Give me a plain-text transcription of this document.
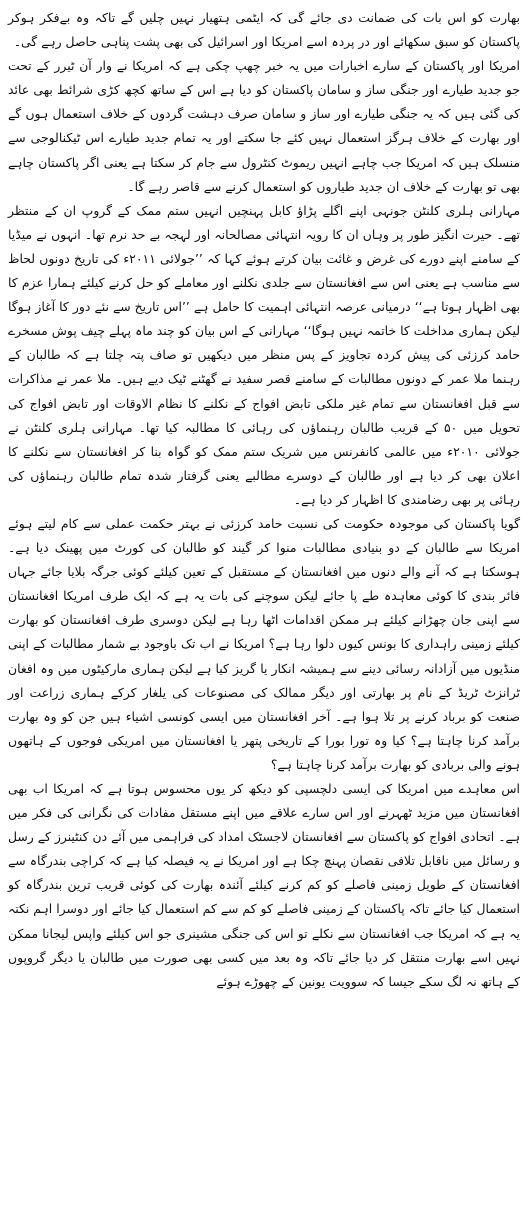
بھارت کو اس بات کی ضمانت دی جائے گی کہ ایٹمی ہتھیار نہیں چلیں گے تاکہ وہ بےفکر ہوکر پاکستان کو سبق سکھائے اور در پردہ اسے امریکا اور اسرائیل کی بھی پشت پناہی حاصل رہے گی۔

امریکا اور پاکستان کے سارے اخبارات میں یہ خبر چھپ چکی ہے کہ امریکا نے وار آن ٹیرر کے تحت جو جدید طیارے اور جنگی ساز و سامان پاکستان کو دیا ہے اس کے ساتھ کچھ کڑی شرائط بھی عائد کی گئی ہیں کہ یہ جنگی طیارے اور ساز و سامان صرف دہشت گردوں کے خلاف استعمال ہوں گے اور بھارت کے خلاف ہرگز استعمال نہیں کئے جا سکتے اور یہ تمام جدید طیارے اس ٹیکنالوجی سے منسلک ہیں کہ امریکا جب چاہے انہیں ریموٹ کنٹرول سے جام کر سکتا ہے یعنی اگر پاکستان چاہے بھی تو بھارت کے خلاف ان جدید طیاروں کو استعمال کرنے سے قاصر رہے گا۔

مہارانی ہلری کلنٹن جونہی اپنے اگلے پڑاؤ کابل پہنچیں انہیں ستم ممک کے گروپ ان کے منتظر تھے۔ حیرت انگیز طور پر وہاں ان کا رویہ انتہائی مصالحانہ اور لہجہ بے حد نرم تھا۔ انہوں نے میڈیا کے سامنے اپنے دورے کی غرض و غائت بیان کرتے ہوئے کہا کہ ’’جولائی ۲۰۱۱ء کی تاریخ دونوں لحاظ سے مناسب ہے یعنی اس سے افغانستان سے جلدی نکلنے اور معاملے کو حل کرنے کیلئے ہمارا عزم کا بھی اظہار ہوتا ہے‘‘ درمیانی عرصہ انتہائی اہمیت کا حامل ہے ’’اس تاریخ سے نئے دور کا آغاز ہوگا لیکن ہماری مداخلت کا خاتمہ نہیں ہوگا‘‘ مہارانی کے اس بیان کو چند ماہ پہلے چیف پوش مسخرے حامد کرزئی کی پیش کردہ تجاویز کے پس منظر میں دیکھیں تو صاف پتہ چلتا ہے کہ طالبان کے رہنما ملا عمر کے دونوں مطالبات کے سامنے قصر سفید نے گھٹنے ٹیک دیے ہیں۔ ملا عمر نے مذاکرات سے قبل افغانستان سے تمام غیر ملکی تابض افواج کے نکلنے کا نظام الاوقات اور تابض افواج کی تحویل میں ۵۰ کے قریب طالبان رہنماؤں کی رہائی کا مطالبہ کیا تھا۔ مہارانی ہلری کلنٹن نے جولائی ۲۰۱۰ء میں عالمی کانفرنس میں شریک ستم ممک کو گواہ بنا کر افغانستان سے نکلنے کا اعلان بھی کر دیا ہے اور طالبان کے دوسرے مطالبے یعنی گرفتار شدہ تمام طالبان رہنماؤں کی رہائی پر بھی رضامندی کا اظہار کر دیا ہے۔

گویا پاکستان کی موجودہ حکومت کی نسبت حامد کرزئی نے بہتر حکمت عملی سے کام لیتے ہوئے امریکا سے طالبان کے دو بنیادی مطالبات منوا کر گیند کو طالبان کی کورٹ میں پھینک دیا ہے۔ ہوسکتا ہے کہ آنے والے دنوں میں افغانستان کے مستقبل کے تعین کیلئے کوئی جرگہ بلایا جائے جہاں فائر بندی کا کوئی معاہدہ طے پا جائے لیکن سوچنے کی بات یہ ہے کہ ایک طرف امریکا افغانستان سے اپنی جان چھڑانے کیلئے ہر ممکن اقدامات اٹھا رہا ہے لیکن دوسری طرف افغانستان کو بھارت کیلئے زمینی راہداری کا بونس کیوں دلوا رہا ہے؟ امریکا نے اب تک باوجود بے شمار مطالبات کے اپنی منڈیوں میں آزادانہ رسائی دینے سے ہمیشہ انکار یا گریز کیا ہے لیکن ہماری مارکیٹوں میں وہ افغان ٹرانزٹ ٹریڈ کے نام پر بھارتی اور دیگر ممالک کی مصنوعات کی یلغار کرکے ہماری زراعت اور صنعت کو برباد کرنے پر تلا ہوا ہے۔ آخر افغانستان میں ایسی کونسی اشیاء ہیں جن کو وہ بھارت برآمد کرنا چاہتا ہے؟ کیا وہ تورا بورا کے تاریخی پتھر یا افغانستان میں امریکی فوجوں کے ہاتھوں ہونے والی بربادی کو بھارت برآمد کرنا چاہتا ہے؟

اس معاہدے میں امریکا کی ایسی دلچسپی کو دیکھ کر یوں محسوس ہوتا ہے کہ امریکا اب بھی افغانستان میں مزید ٹھہرنے اور اس سارے علاقے میں اپنے مستقل مفادات کی نگرانی کی فکر میں ہے۔ اتحادی افواج کو پاکستان سے افغانستان لاجسٹک امداد کی فراہمی میں آئے دن کنٹینرز کے رسل و رسائل میں ناقابل تلافی نقصان پہنچ چکا ہے اور امریکا نے یہ فیصلہ کیا ہے کہ کراچی بندرگاہ سے افغانستان کے طویل زمینی فاصلے کو کم کرنے کیلئے آئندہ بھارت کی کوئی قریب ترین بندرگاہ کو استعمال کیا جائے تاکہ پاکستان کے زمینی فاصلے کو کم سے کم استعمال کیا جائے اور دوسرا اہم نکتہ یہ ہے کہ امریکا جب افغانستان سے نکلے تو اس کی جنگی مشینری جو اس کیلئے واپس لیجانا ممکن نہیں اسے بھارت منتقل کر دیا جائے تاکہ وہ بعد میں کسی بھی صورت میں طالبان یا دیگر گروپوں کے ہاتھ نہ لگ سکے جیسا کہ سوویت یونین کے چھوڑے ہوئے
